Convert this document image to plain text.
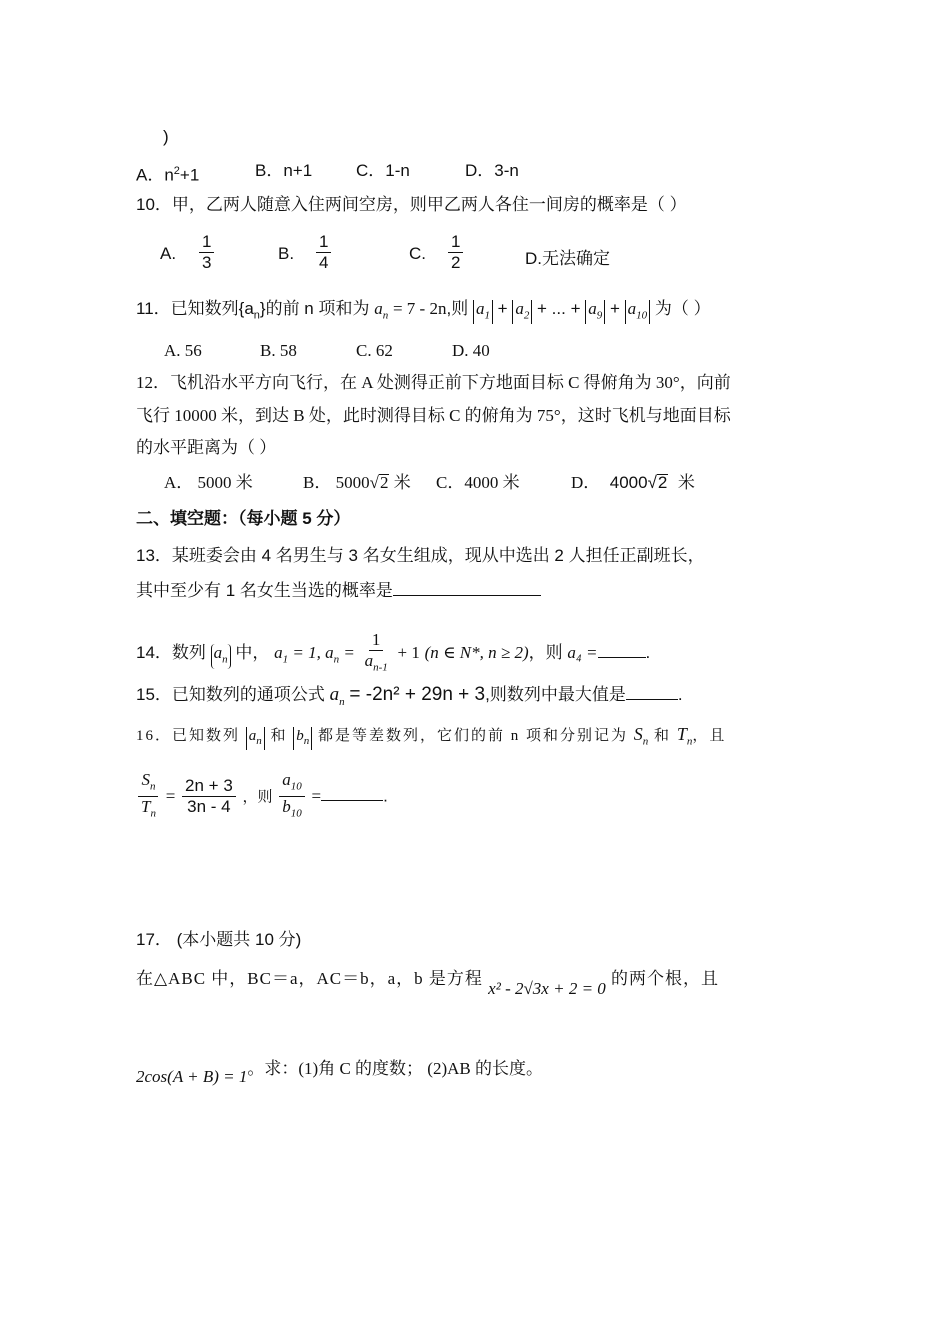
)
A．$n^2+1$	B．n+1	C．1-n	D．3-n
10．甲，乙两人随意入住两间空房，则甲乙两人各住一间房的概率是（ ）
A. $\frac{1}{3}$	B. $\frac{1}{4}$	C. $\frac{1}{2}$	D.无法确定
11．已知数列$\{a_n\}$的前 n 项和为 $a_n = 7 - 2n$,则 $a_1 + a_2$ + ... + $a_9 + a_{10}$ 为（ ）
A. 56	B. 58	C. 62	D. 40
12．飞机沿水平方向飞行，在 A 处测得正前下方地面目标 C 得俯角为 30°，向前
飞行 10000 米，到达 B 处，此时测得目标 C 的俯角为 75°，这时飞机与地面目标
的水平距离为（ ）
A． 5000 米	B． 5000√2 米 C．4000 米	D． 4000√2 米
二、填空题：（每小题 5 分）
13．某班委会由 4 名男生与 3 名女生组成，现从中选出 2 人担任正副班长，
其中至少有 1 名女生当选的概率是
14．数列 $a_n$ 中， $a_1 = 1$, $a_n = \frac{1}{a_{n-1}} + 1$ (n ∈ N*, n ≥ 2)，则 a₄ =	.
15．已知数列的通项公式 $a_n = -2n^2 + 29n + 3$,则数列中最大值是	.
16．已知数列 $a_n$ 和 $b_n$ 都是等差数列，它们的前 n 项和分别记为 $S_n$ 和 $T_n$，且
$\frac{S_n}{T_n} = \frac{2n + 3}{3n - 4}$ ，则 $\frac{a_{10}}{b_{10}}$ =	.
17． (本小题共 10 分)
在△ABC 中，BC＝a，AC＝b，a，b 是方程 x² - 2√3x + 2 = 0 的两个根，且
2cos(A + B) = 1。求：(1)角 C 的度数； (2)AB 的长度。
